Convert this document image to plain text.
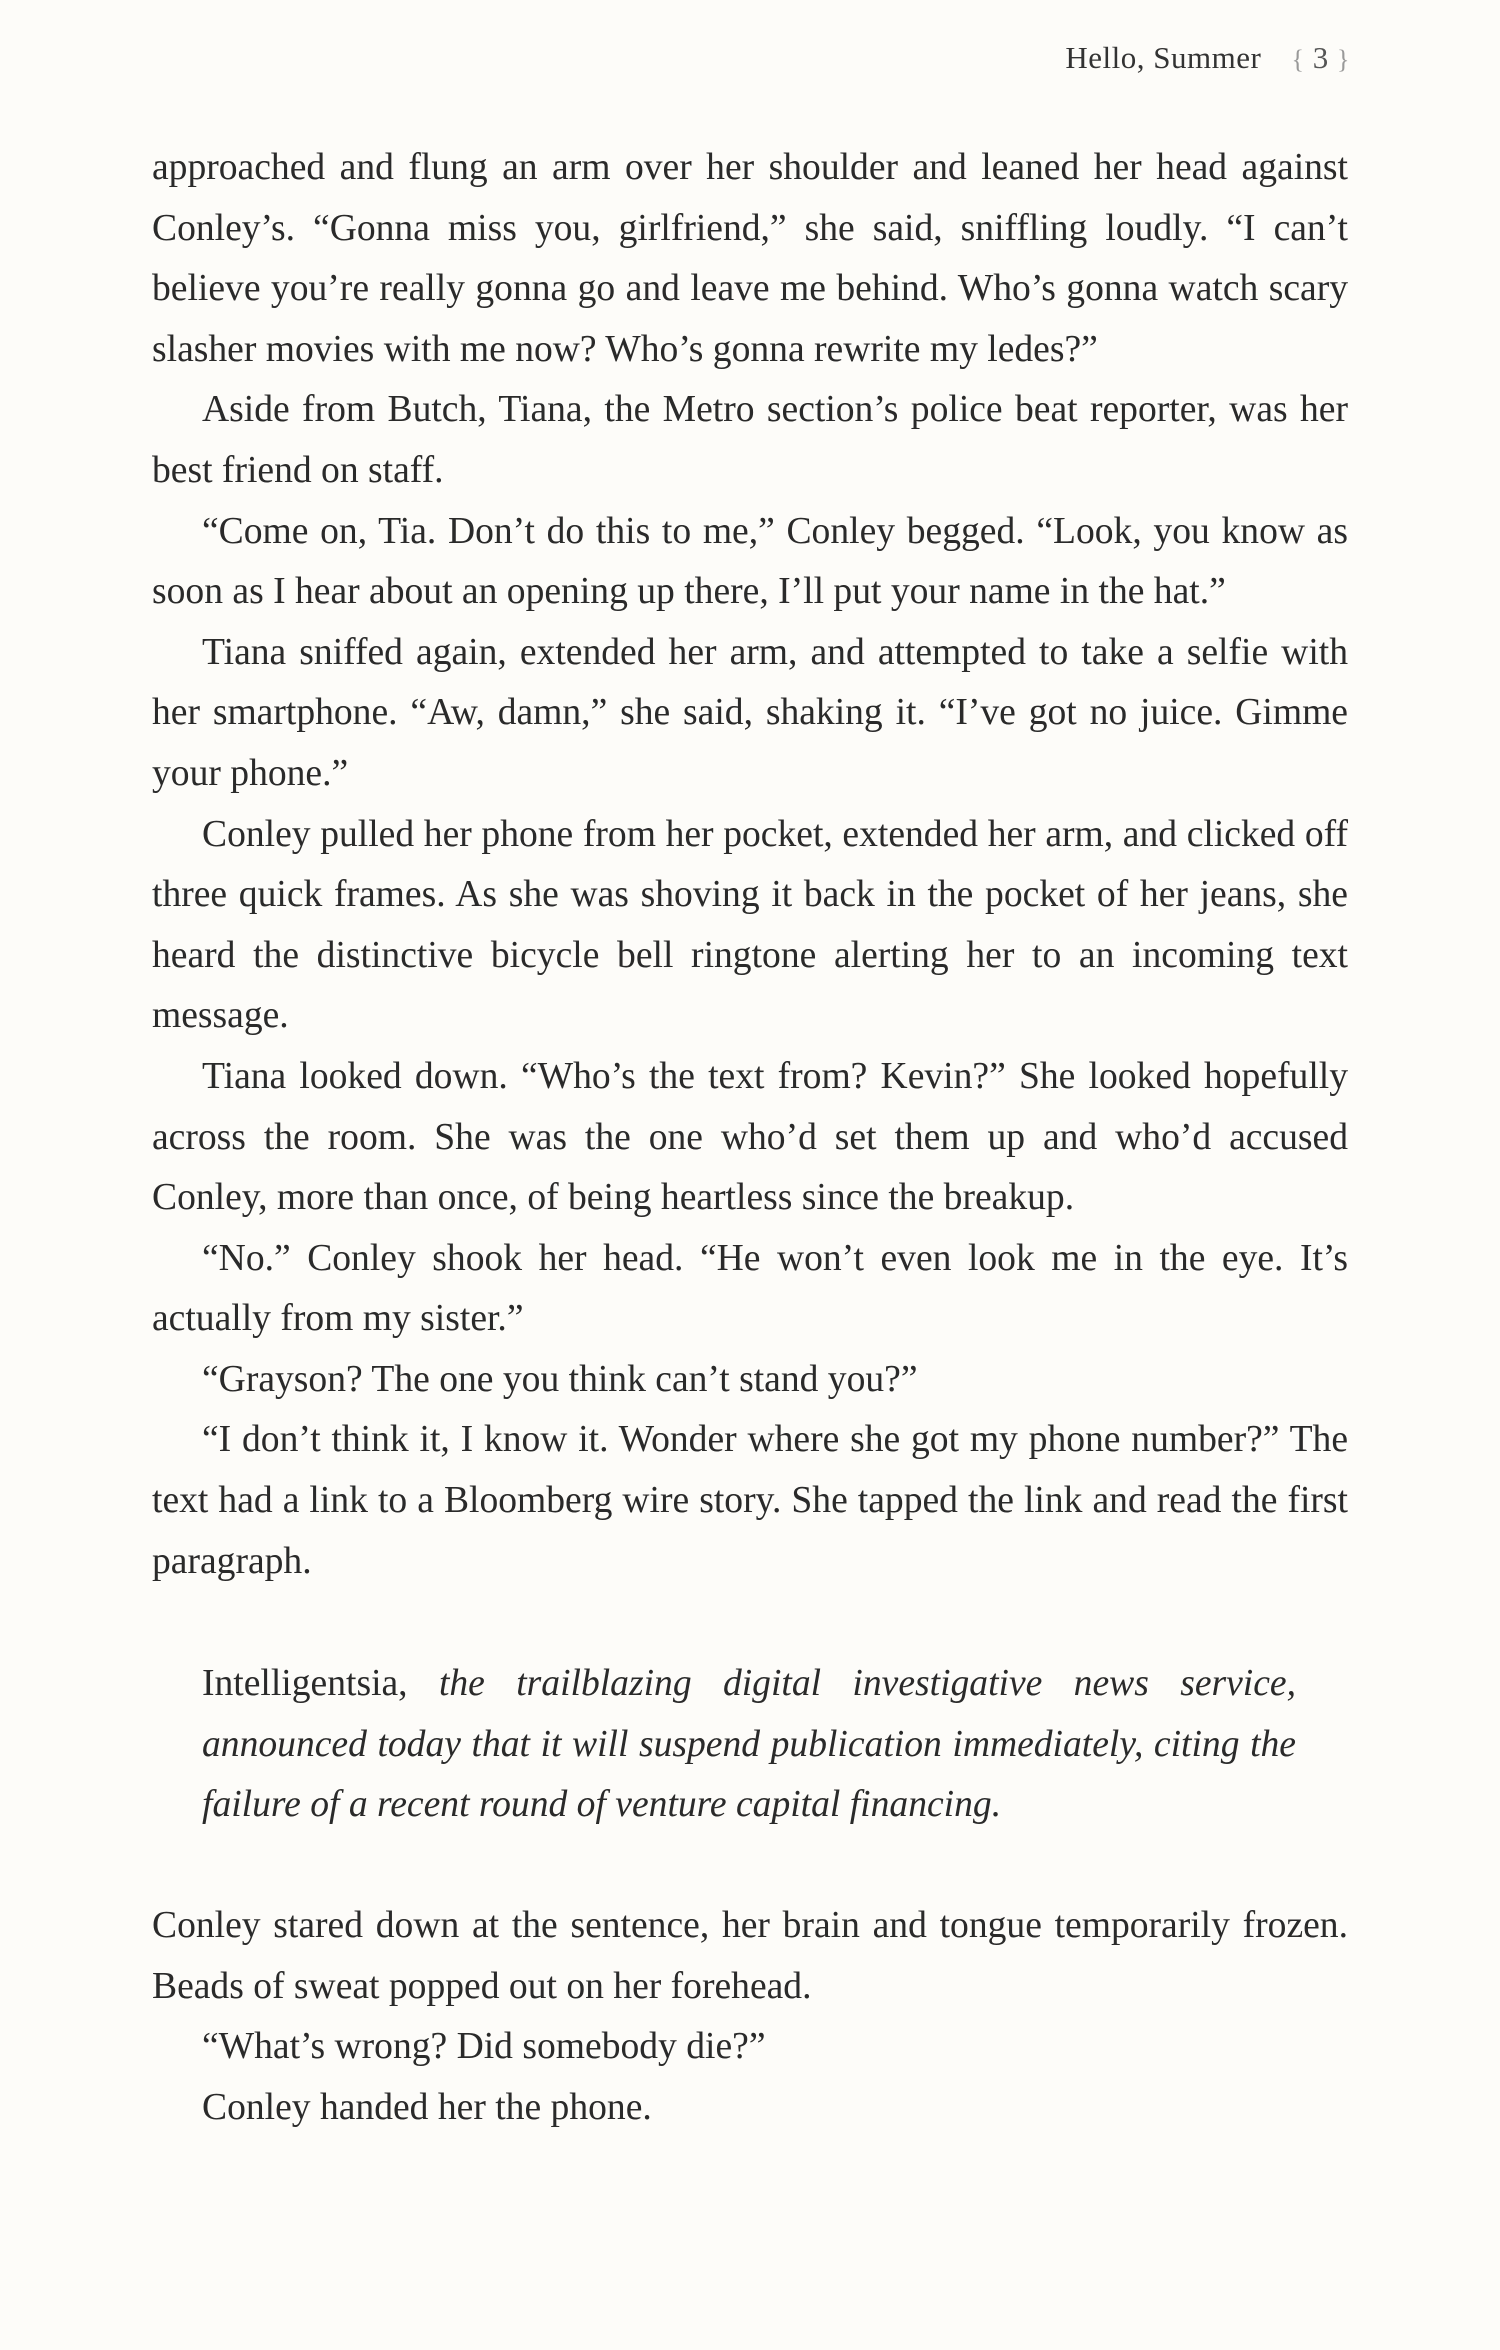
Hello, Summer { 3 }

approached and flung an arm over her shoulder and leaned her head against Conley’s. “Gonna miss you, girlfriend,” she said, sniffling loudly. “I can’t believe you’re really gonna go and leave me behind. Who’s gonna watch scary slasher movies with me now? Who’s gonna rewrite my ledes?”

Aside from Butch, Tiana, the Metro section’s police beat reporter, was her best friend on staff.

“Come on, Tia. Don’t do this to me,” Conley begged. “Look, you know as soon as I hear about an opening up there, I’ll put your name in the hat.”

Tiana sniffed again, extended her arm, and attempted to take a selfie with her smartphone. “Aw, damn,” she said, shaking it. “I’ve got no juice. Gimme your phone.”

Conley pulled her phone from her pocket, extended her arm, and clicked off three quick frames. As she was shoving it back in the pocket of her jeans, she heard the distinctive bicycle bell ringtone alerting her to an incoming text message.

Tiana looked down. “Who’s the text from? Kevin?” She looked hopefully across the room. She was the one who’d set them up and who’d accused Conley, more than once, of being heartless since the breakup.

“No.” Conley shook her head. “He won’t even look me in the eye. It’s actually from my sister.”

“Grayson? The one you think can’t stand you?”

“I don’t think it, I know it. Wonder where she got my phone number?” The text had a link to a Bloomberg wire story. She tapped the link and read the first paragraph.

Intelligentsia, the trailblazing digital investigative news service, announced today that it will suspend publication immediately, citing the failure of a recent round of venture capital financing.

Conley stared down at the sentence, her brain and tongue temporarily frozen. Beads of sweat popped out on her forehead.

“What’s wrong? Did somebody die?”

Conley handed her the phone.
